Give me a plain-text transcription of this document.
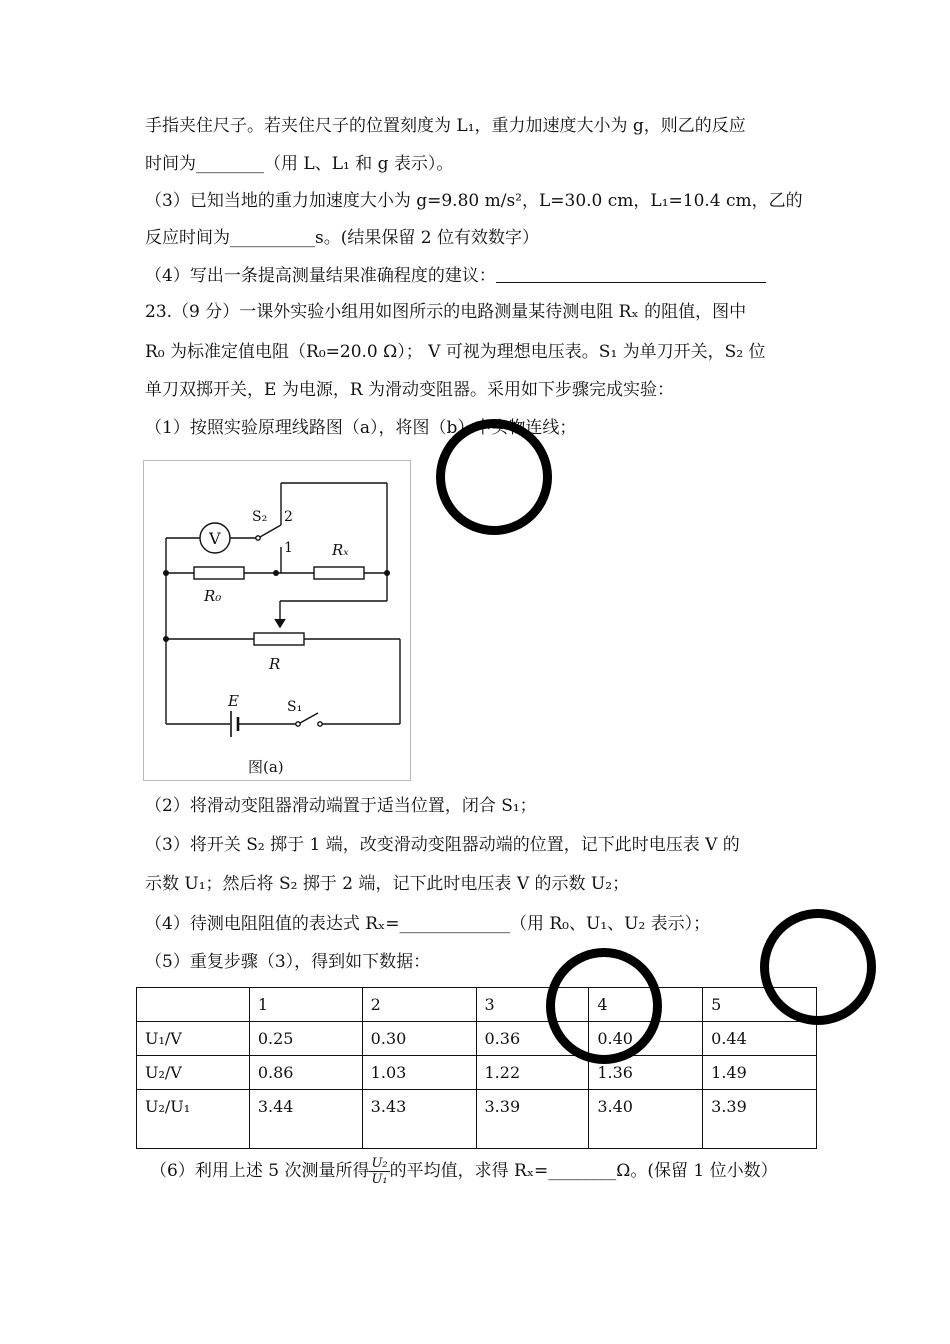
手指夹住尺子。若夹住尺子的位置刻度为 L₁，重力加速度大小为 g，则乙的反应
时间为________（用 L、L₁ 和 g 表示）。
（3）已知当地的重力加速度大小为 g=9.80 m/s²，L=30.0 cm，L₁=10.4 cm，乙的
反应时间为__________s。(结果保留 2 位有效数字）
（4）写出一条提高测量结果准确程度的建议：
23.（9 分）一课外实验小组用如图所示的电路测量某待测电阻 Rₓ 的阻值，图中
R₀ 为标准定值电阻（R₀=20.0 Ω）； V 可视为理想电压表。S₁ 为单刀开关，S₂ 位
单刀双掷开关，E 为电源，R 为滑动变阻器。采用如下步骤完成实验：
（1）按照实验原理线路图（a），将图（b）中实物连线；
V
S₂ 2
1	Rₓ
R₀
R
E	S₁
图(a)
（2）将滑动变阻器滑动端置于适当位置，闭合 S₁；
（3）将开关 S₂ 掷于 1 端，改变滑动变阻器动端的位置，记下此时电压表 V 的
示数 U₁；然后将 S₂ 掷于 2 端，记下此时电压表 V 的示数 U₂；
（4）待测电阻阻值的表达式 Rₓ=_____________（用 R₀、U₁、U₂ 表示）；
（5）重复步骤（3），得到如下数据：
	1	2	3	4	5
U₁/V	0.25	0.30	0.36	0.40	0.44
U₂/V	0.86	1.03	1.22	1.36	1.49
U₂/U₁	3.44	3.43	3.39	3.40	3.39
（6）利用上述 5 次测量所得 $\frac{\text{U₂}}{\text{U₁}}$ 的平均值，求得 Rₓ=________Ω。(保留 1 位小数）
